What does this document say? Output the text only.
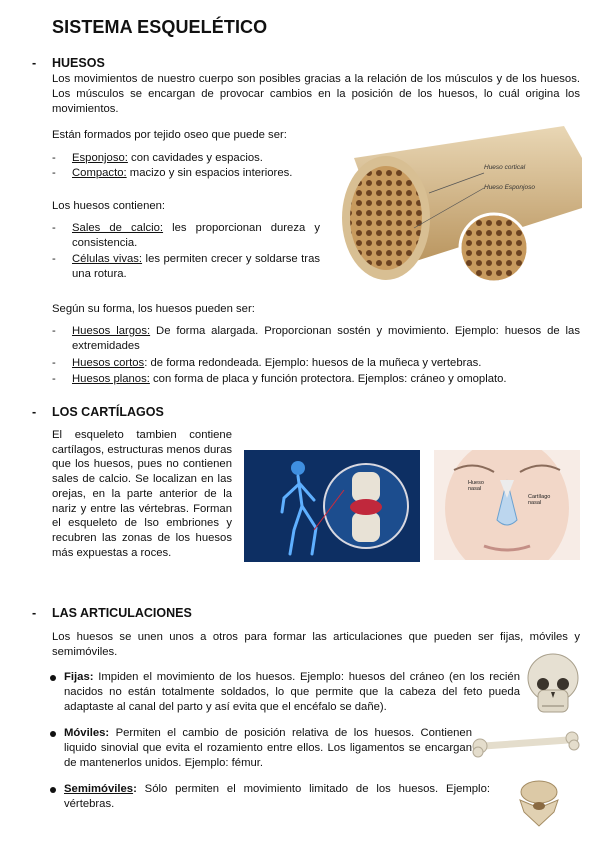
SISTEMA ESQUELÉTICO
- HUESOS

Los movimientos de nuestro cuerpo son posibles gracias a la relación de los músculos y de los huesos. Los músculos se encargan de provocar cambios en la posición de los huesos, lo cuál origina los movimientos.

Están formados por tejido oseo que puede ser:

- Esponjoso: con cavidades y espacios.
- Compacto: macizo y sin espacios interiores.

Los huesos contienen:

- Sales de calcio: les proporcionan dureza y consistencia.
- Células vivas: les permiten crecer y soldarse tras una rotura.
Hueso cortical
Hueso Esponjoso

Según su forma, los huesos pueden ser:

- Huesos largos: De forma alargada. Proporcionan sostén y movimiento. Ejemplo: huesos de las extremidades
- Huesos cortos: de forma redondeada. Ejemplo: huesos de la muñeca y vertebras.
- Huesos planos: con forma de placa y función protectora. Ejemplos: cráneo y omoplato.
- LOS CARTÍLAGOS

El esqueleto tambien contiene cartílagos, estructuras menos duras que los huesos, pues no contienen sales de calcio. Se localizan en las orejas, en la parte anterior de la nariz y entre las vértebras. Forman el esqueleto de lso embriones y recubren las zonas de los huesos más expuestas a roces.

Hueso nasal
Cartílago nasal
- LAS ARTICULACIONES

Los huesos se unen unos a otros para formar las articulaciones que pueden ser fijas, móviles y semimóviles.

Fijas: Impiden el movimiento de los huesos. Ejemplo: huesos del cráneo (en los recién nacidos no están totalmente soldados, lo que permite que la cabeza del feto pueda adaptaste al canal del parto y así evita que el encéfalo se dañe).
Móviles: Permiten el cambio de posición relativa de los huesos. Contienen liquido sinovial que evita el rozamiento entre ellos. Los ligamentos se encargan de mantenerlos unidos. Ejemplo: fémur.
Semimóviles: Sólo permiten el movimiento limitado de los huesos. Ejemplo: vértebras.
